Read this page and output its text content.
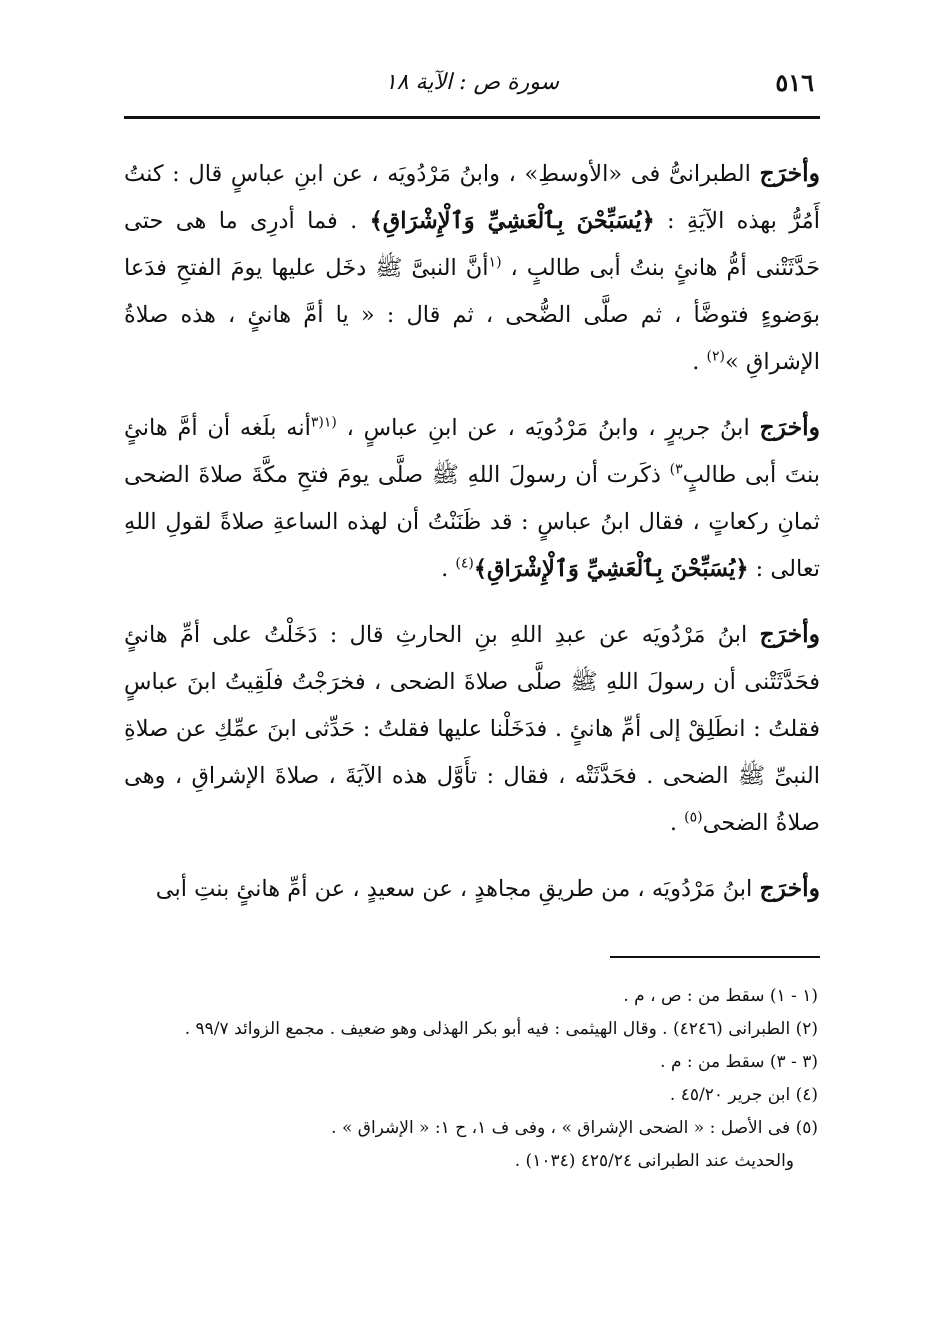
٥١٦
سورة ص : الآية ١٨

وأخرَج الطبرانىُّ فى «الأوسطِ» ، وابنُ مَرْدُويَه ، عن ابنِ عباسٍ قال : كنتُ أَمُرُّ بهذه الآيَةِ : ﴿يُسَبِّحْنَ بِٱلْعَشِيِّ وَٱلْإِشْرَاقِ﴾ . فما أدرِى ما هى حتى حَدَّثَتْنى أمُّ هانئٍ بنتُ أبى طالبٍ ، $^{(١}$أنَّ النبىَّ ﷺ دخَل عليها يومَ الفتحِ فدَعا بوَضوءٍ فتوضَّأ ، ثم صلَّى الضُّحى ، ثم قال : « يا أمَّ هانئٍ ، هذه صلاةُ الإشراقِ »$^{(٢)}$ .

وأخرَج ابنُ جريرٍ ، وابنُ مَرْدُويَه ، عن ابنِ عباسٍ ، $^{(١(٣}$أنه بلَغه أن أمَّ هانئٍ بنتَ أبى طالبٍ$^{٣)}$ ذكَرت أن رسولَ اللهِ ﷺ صلَّى يومَ فتحِ مكَّةَ صلاةَ الضحى ثمانِ ركعاتٍ ، فقال ابنُ عباسٍ : قد ظَنَنْتُ أن لهذه الساعةِ صلاةً لقولِ اللهِ تعالى : ﴿يُسَبِّحْنَ بِٱلْعَشِيِّ وَٱلْإِشْرَاقِ﴾$^{(٤)}$ .

وأخرَج ابنُ مَرْدُويَه عن عبدِ اللهِ بنِ الحارثِ قال : دَخَلْتُ على أمِّ هانئٍ فحَدَّثَتْنى أن رسولَ اللهِ ﷺ صلَّى صلاةَ الضحى ، فخرَجْتُ فلَقِيتُ ابنَ عباسٍ فقلتُ : انطَلِقْ إلى أمِّ هانئٍ . فدَخَلْنا عليها فقلتُ : حَدِّثى ابنَ عمِّكِ عن صلاةِ النبىِّ ﷺ الضحى . فحَدَّثَتْه ، فقال : تأَوَّل هذه الآيَةَ ، صلاةَ الإشراقِ ، وهى صلاةُ الضحى$^{(٥)}$ .

وأخرَج ابنُ مَرْدُويَه ، من طريقِ مجاهدٍ ، عن سعيدٍ ، عن أمِّ هانئٍ بنتِ أبى

(١ - ١) سقط من : ص ، م .

(٢) الطبرانى (٤٢٤٦) . وقال الهيثمى : فيه أبو بكر الهذلى وهو ضعيف . مجمع الزوائد ٩٩/٧ .

(٣ - ٣) سقط من : م .

(٤) ابن جرير ٤٥/٢٠ .

(٥) فى الأصل : « الضحى الإشراق » ، وفى ف ١، ح ١: « الإشراق » .

والحديث عند الطبرانى ٤٢٥/٢٤ (١٠٣٤) .
